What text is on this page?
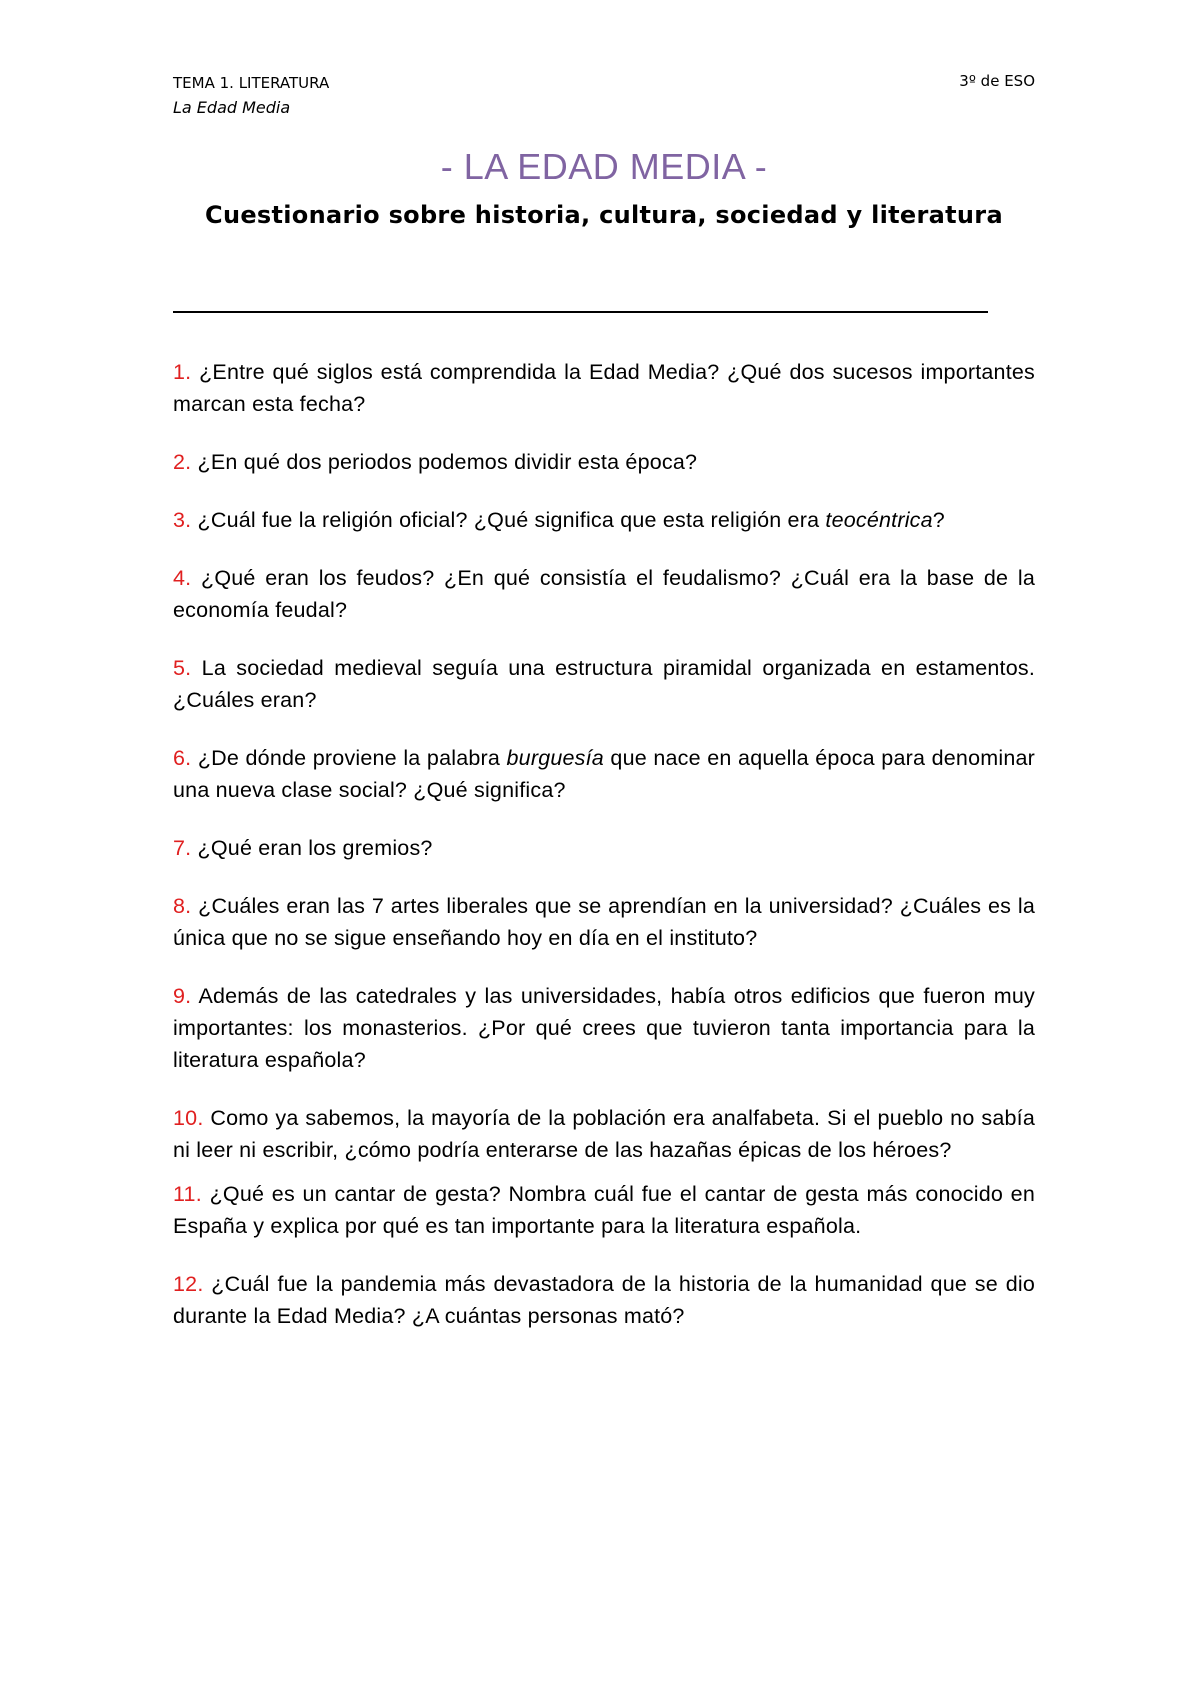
TEMA 1. LITERATURA
La Edad Media
3º de ESO
- LA EDAD MEDIA -
Cuestionario sobre historia, cultura, sociedad y literatura

1. ¿Entre qué siglos está comprendida la Edad Media? ¿Qué dos sucesos importantes marcan esta fecha?

2. ¿En qué dos periodos podemos dividir esta época?

3. ¿Cuál fue la religión oficial? ¿Qué significa que esta religión era teocéntrica?

4. ¿Qué eran los feudos? ¿En qué consistía el feudalismo? ¿Cuál era la base de la economía feudal?

5. La sociedad medieval seguía una estructura piramidal organizada en estamentos. ¿Cuáles eran?

6. ¿De dónde proviene la palabra burguesía que nace en aquella época para denominar una nueva clase social? ¿Qué significa?

7. ¿Qué eran los gremios?

8. ¿Cuáles eran las 7 artes liberales que se aprendían en la universidad? ¿Cuáles es la única que no se sigue enseñando hoy en día en el instituto?

9. Además de las catedrales y las universidades, había otros edificios que fueron muy importantes: los monasterios. ¿Por qué crees que tuvieron tanta importancia para la literatura española?

10. Como ya sabemos, la mayoría de la población era analfabeta. Si el pueblo no sabía ni leer ni escribir, ¿cómo podría enterarse de las hazañas épicas de los héroes?

11. ¿Qué es un cantar de gesta? Nombra cuál fue el cantar de gesta más conocido en España y explica por qué es tan importante para la literatura española.

12. ¿Cuál fue la pandemia más devastadora de la historia de la humanidad que se dio durante la Edad Media? ¿A cuántas personas mató?
